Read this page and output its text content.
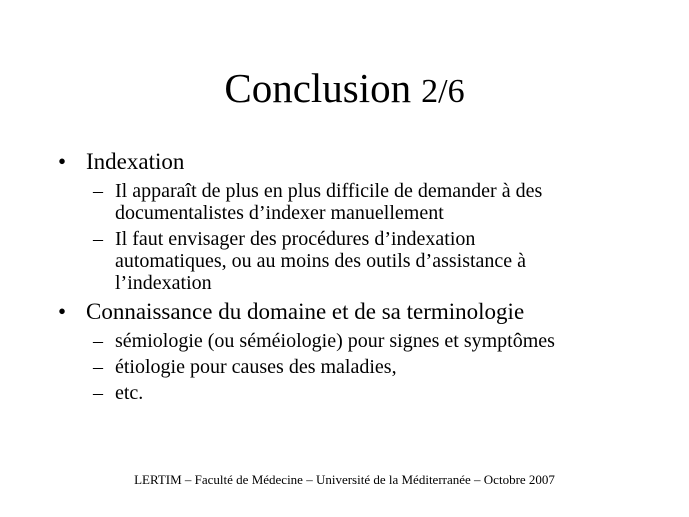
Conclusion 2/6
• Indexation
– Il apparaît de plus en plus difficile de demander à des
documentalistes d’indexer manuellement
– Il faut envisager des procédures d’indexation
automatiques, ou au moins des outils d’assistance à
l’indexation
• Connaissance du domaine et de sa terminologie
– sémiologie (ou séméiologie) pour signes et symptômes
– étiologie pour causes des maladies,
– etc.
LERTIM – Faculté de Médecine – Université de la Méditerranée – Octobre 2007
